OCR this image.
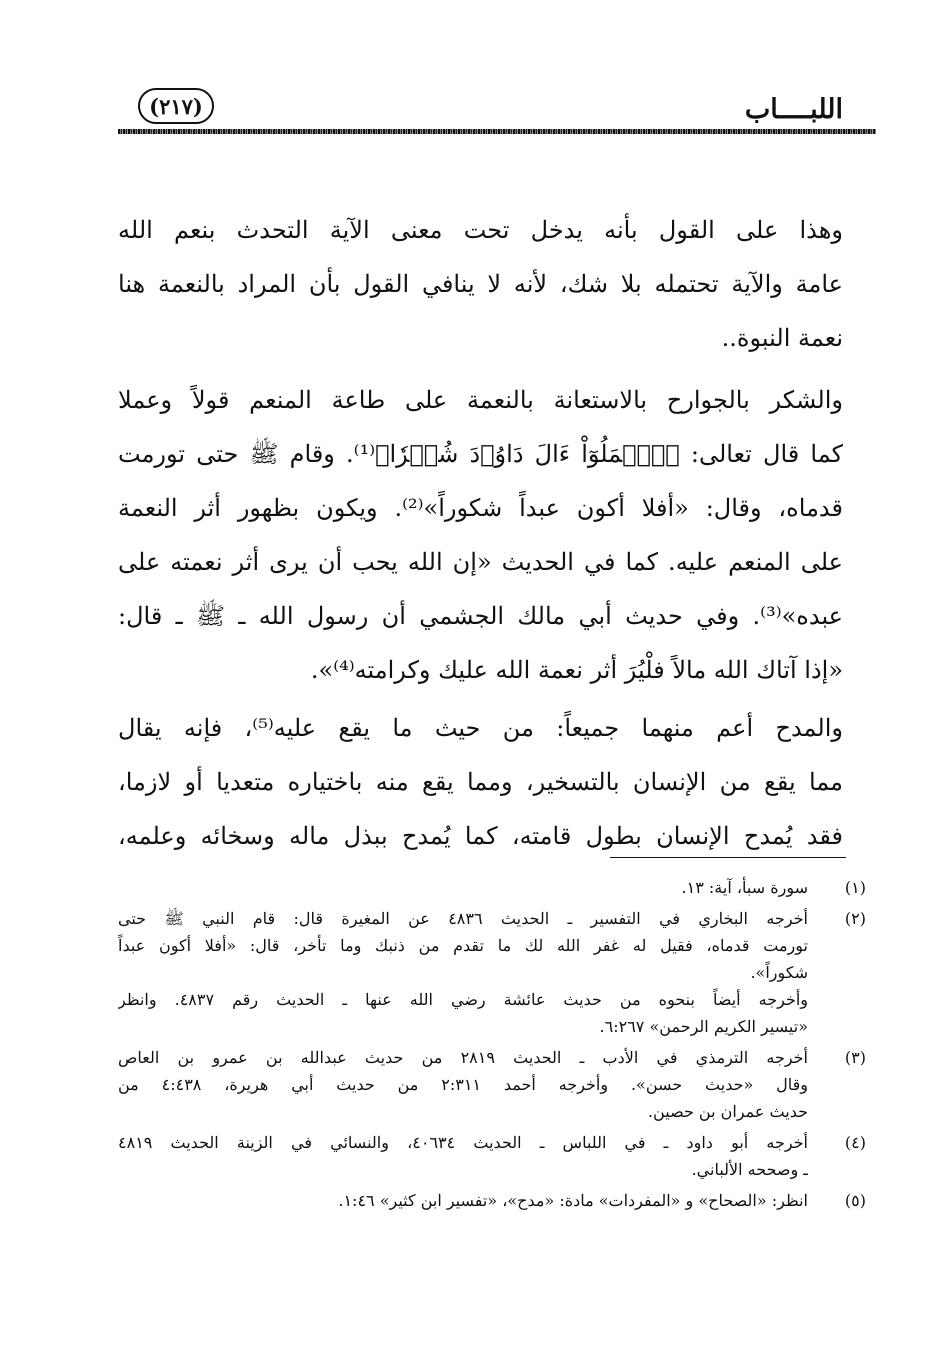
اللبــــاب
(٢١٧)
وهذا على القول بأنه يدخل تحت معنى الآية التحدث بنعم الله
عامة والآية تحتمله بلا شك، لأنه لا ينافي القول بأن المراد بالنعمة هنا
نعمة النبوة..
والشكر بالجوارح بالاستعانة بالنعمة على طاعة المنعم قولاً وعملا
كما قال تعالى: ﴿ٱعۡمَلُوٓاْ ءَالَ دَاوُۥدَ شُكۡرٗا﴾⁽¹⁾. وقام ﷺ حتى تورمت
قدماه، وقال: «أفلا أكون عبداً شكوراً»⁽²⁾. ويكون بظهور أثر النعمة
على المنعم عليه. كما في الحديث «إن الله يحب أن يرى أثر نعمته على
عبده»⁽³⁾. وفي حديث أبي مالك الجشمي أن رسول الله ـ ﷺ ـ قال:
«إذا آتاك الله مالاً فلْيُرَ أثر نعمة الله عليك وكرامته⁽⁴⁾».
والمدح أعم منهما جميعاً: من حيث ما يقع عليه⁽⁵⁾، فإنه يقال
مما يقع من الإنسان بالتسخير، ومما يقع منه باختياره متعديا أو لازما،
فقد يُمدح الإنسان بطول قامته، كما يُمدح ببذل ماله وسخائه وعلمه،
(١)
سورة سبأ، آية: ١٣.
(٢)
أخرجه البخاري في التفسير ـ الحديث ٤٨٣٦ عن المغيرة قال: قام النبي ﷺ حتى
تورمت قدماه، فقيل له غفر الله لك ما تقدم من ذنبك وما تأخر، قال: «أفلا أكون عبداً
شكوراً».
وأخرجه أيضاً بنحوه من حديث عائشة رضي الله عنها ـ الحديث رقم ٤٨٣٧. وانظر
«تيسير الكريم الرحمن» ٦:٢٦٧.
(٣)
أخرجه الترمذي في الأدب ـ الحديث ٢٨١٩ من حديث عبدالله بن عمرو بن العاص
وقال «حديث حسن». وأخرجه أحمد ٢:٣١١ من حديث أبي هريرة، ٤:٤٣٨ من
حديث عمران بن حصين.
(٤)
أخرجه أبو داود ـ في اللباس ـ الحديث ٤٠٦٣٤، والنسائي في الزينة الحديث ٤٨١٩
ـ وصححه الألباني.
(٥)
انظر: «الصحاح» و «المفردات» مادة: «مدح»، «تفسير ابن كثير» ١:٤٦.
